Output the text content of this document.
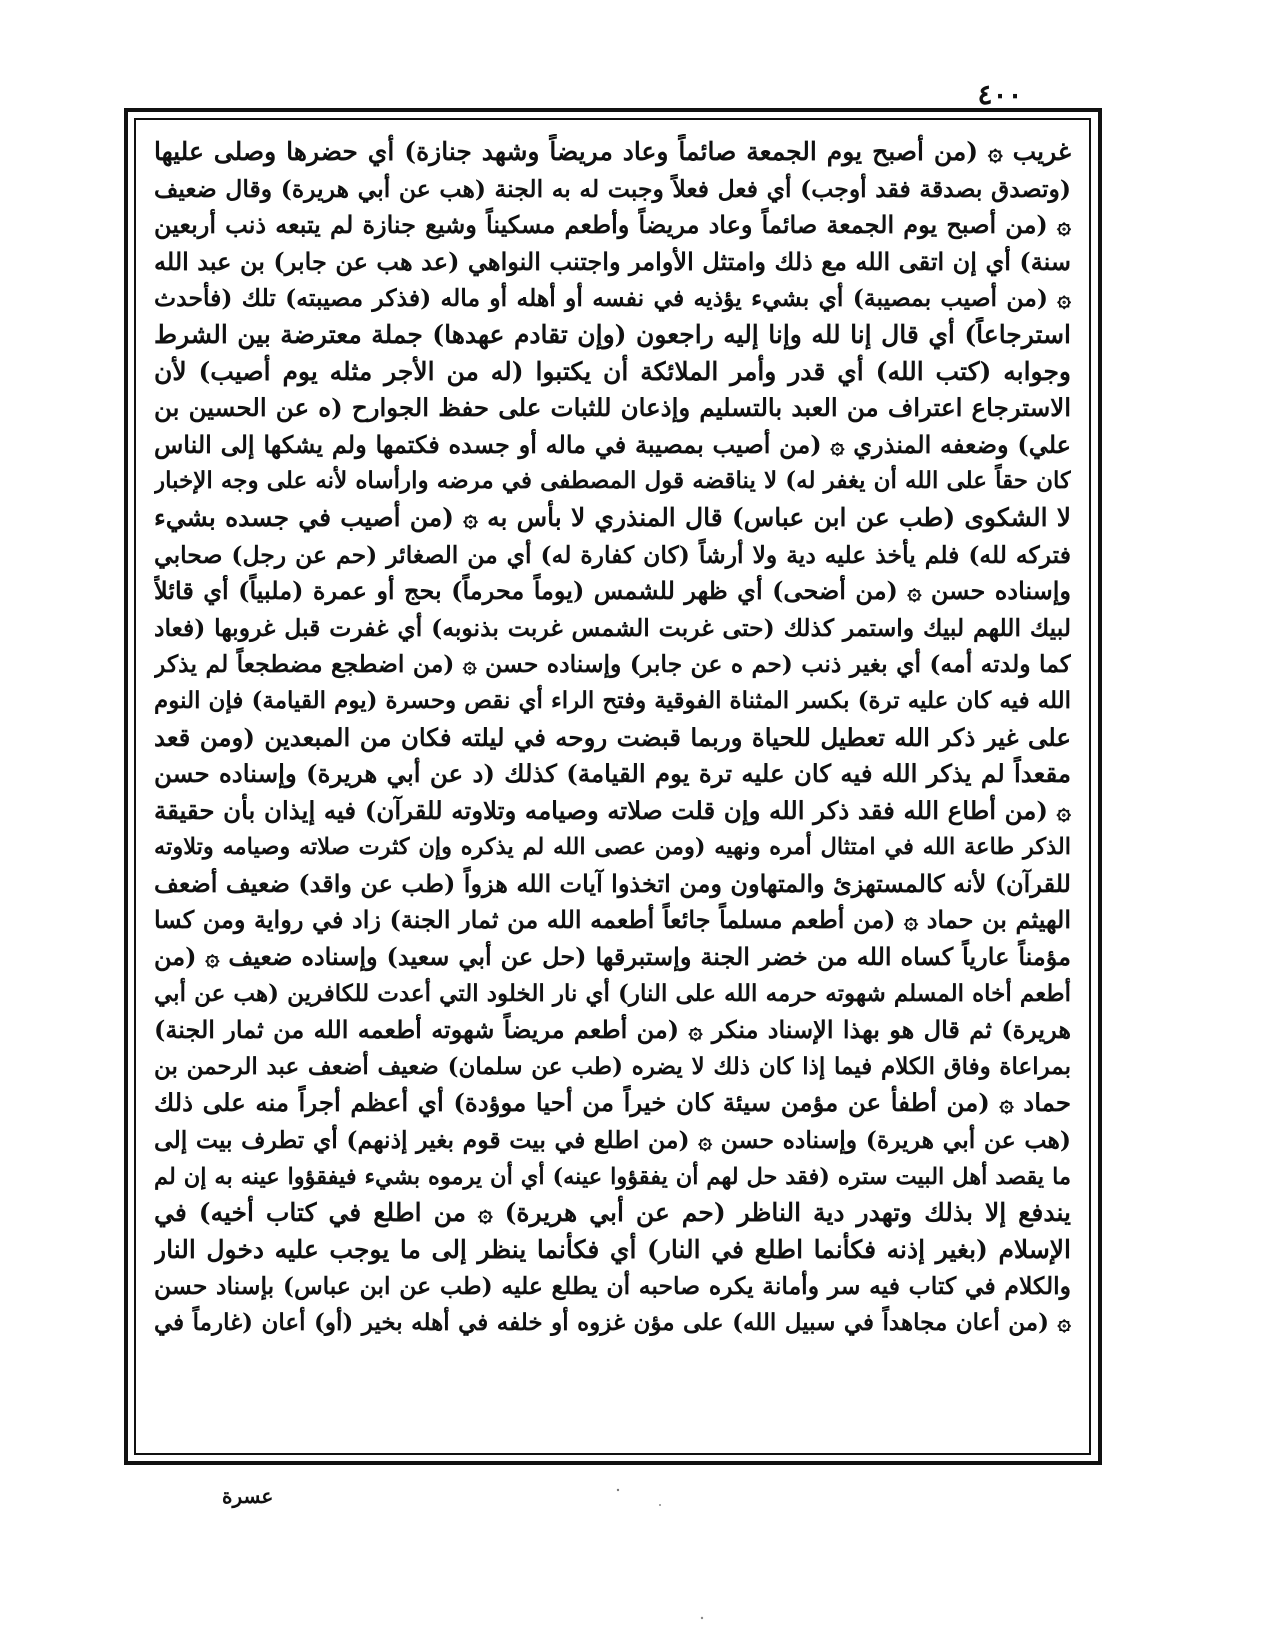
٤٠٠
غريب ۞ (من أصبح يوم الجمعة صائماً وعاد مريضاً وشهد جنازة) أي حضرها وصلى عليها
(وتصدق بصدقة فقد أوجب) أي فعل فعلاً وجبت له به الجنة (هب عن أبي هريرة) وقال ضعيف
۞ (من أصبح يوم الجمعة صائماً وعاد مريضاً وأطعم مسكيناً وشيع جنازة لم يتبعه ذنب أربعين
سنة) أي إن اتقى الله مع ذلك وامتثل الأوامر واجتنب النواهي (عد هب عن جابر) بن عبد الله
۞ (من أصيب بمصيبة) أي بشيء يؤذيه في نفسه أو أهله أو ماله (فذكر مصيبته) تلك (فأحدث
استرجاعاً) أي قال إنا لله وإنا إليه راجعون (وإن تقادم عهدها) جملة معترضة بين الشرط
وجوابه (كتب الله) أي قدر وأمر الملائكة أن يكتبوا (له من الأجر مثله يوم أصيب) لأن
الاسترجاع اعتراف من العبد بالتسليم وإذعان للثبات على حفظ الجوارح (ه عن الحسين بن
علي) وضعفه المنذري ۞ (من أصيب بمصيبة في ماله أو جسده فكتمها ولم يشكها إلى الناس
كان حقاً على الله أن يغفر له) لا يناقضه قول المصطفى في مرضه وارأساه لأنه على وجه الإخبار
لا الشكوى (طب عن ابن عباس) قال المنذري لا بأس به ۞ (من أصيب في جسده بشيء
فتركه لله) فلم يأخذ عليه دية ولا أرشاً (كان كفارة له) أي من الصغائر (حم عن رجل) صحابي
وإسناده حسن ۞ (من أضحى) أي ظهر للشمس (يوماً محرماً) بحج أو عمرة (ملبياً) أي قائلاً
لبيك اللهم لبيك واستمر كذلك (حتى غربت الشمس غربت بذنوبه) أي غفرت قبل غروبها (فعاد
كما ولدته أمه) أي بغير ذنب (حم ه عن جابر) وإسناده حسن ۞ (من اضطجع مضطجعاً لم يذكر
الله فيه كان عليه ترة) بكسر المثناة الفوقية وفتح الراء أي نقص وحسرة (يوم القيامة) فإن النوم
على غير ذكر الله تعطيل للحياة وربما قبضت روحه في ليلته فكان من المبعدين (ومن قعد
مقعداً لم يذكر الله فيه كان عليه ترة يوم القيامة) كذلك (د عن أبي هريرة) وإسناده حسن
۞ (من أطاع الله فقد ذكر الله وإن قلت صلاته وصيامه وتلاوته للقرآن) فيه إيذان بأن حقيقة
الذكر طاعة الله في امتثال أمره ونهيه (ومن عصى الله لم يذكره وإن كثرت صلاته وصيامه وتلاوته
للقرآن) لأنه كالمستهزئ والمتهاون ومن اتخذوا آيات الله هزواً (طب عن واقد) ضعيف أضعف
الهيثم بن حماد ۞ (من أطعم مسلماً جائعاً أطعمه الله من ثمار الجنة) زاد في رواية ومن كسا
مؤمناً عارياً كساه الله من خضر الجنة وإستبرقها (حل عن أبي سعيد) وإسناده ضعيف ۞ (من
أطعم أخاه المسلم شهوته حرمه الله على النار) أي نار الخلود التي أعدت للكافرين (هب عن أبي
هريرة) ثم قال هو بهذا الإسناد منكر ۞ (من أطعم مريضاً شهوته أطعمه الله من ثمار الجنة)
بمراعاة وفاق الكلام فيما إذا كان ذلك لا يضره (طب عن سلمان) ضعيف أضعف عبد الرحمن بن
حماد ۞ (من أطفأ عن مؤمن سيئة كان خيراً من أحيا موؤدة) أي أعظم أجراً منه على ذلك
(هب عن أبي هريرة) وإسناده حسن ۞ (من اطلع في بيت قوم بغير إذنهم) أي تطرف بيت إلى
ما يقصد أهل البيت ستره (فقد حل لهم أن يفقؤوا عينه) أي أن يرموه بشيء فيفقؤوا عينه به إن لم
يندفع إلا بذلك وتهدر دية الناظر (حم عن أبي هريرة) ۞ من اطلع في كتاب أخيه) في
الإسلام (بغير إذنه فكأنما اطلع في النار) أي فكأنما ينظر إلى ما يوجب عليه دخول النار
والكلام في كتاب فيه سر وأمانة يكره صاحبه أن يطلع عليه (طب عن ابن عباس) بإسناد حسن
۞ (من أعان مجاهداً في سبيل الله) على مؤن غزوه أو خلفه في أهله بخير (أو) أعان (غارماً في
عسرة
